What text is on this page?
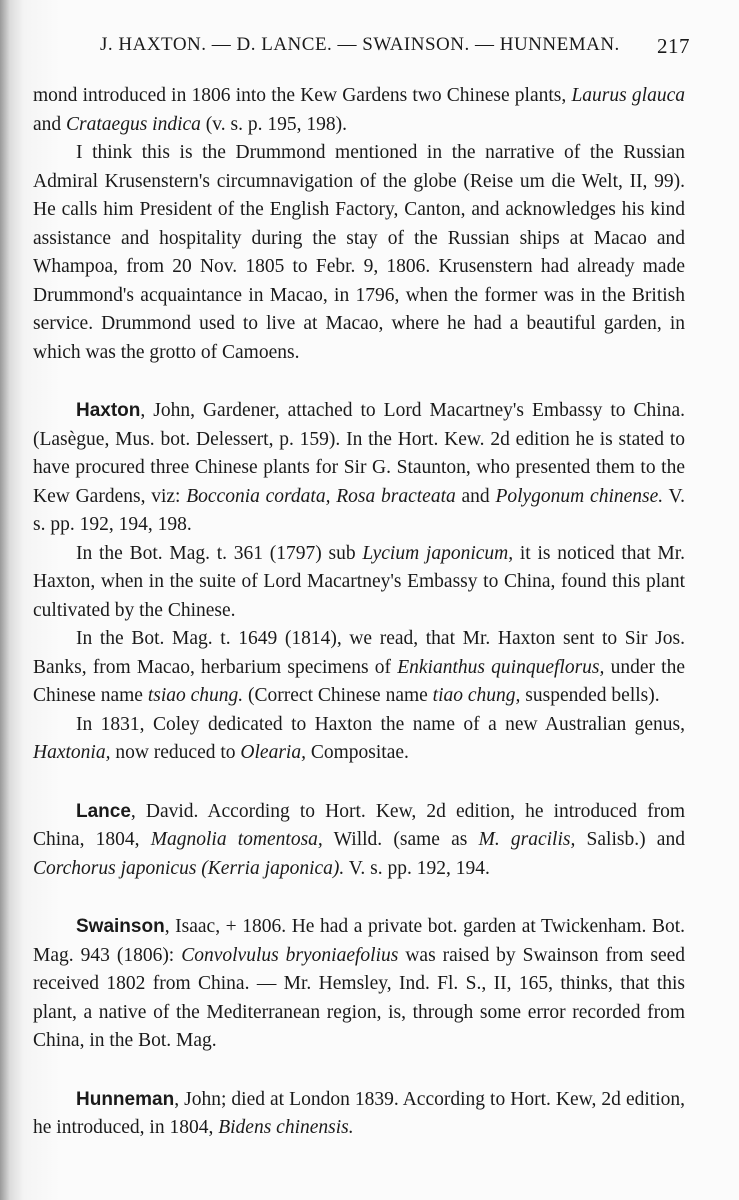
J. HAXTON. — D. LANCE. — SWAINSON. — HUNNEMAN. 217

mond introduced in 1806 into the Kew Gardens two Chinese plants, Laurus glauca and Crataegus indica (v. s. p. 195, 198).

I think this is the Drummond mentioned in the narrative of the Russian Admiral Krusenstern's circumnavigation of the globe (Reise um die Welt, II, 99). He calls him President of the English Factory, Canton, and acknowledges his kind assistance and hospitality during the stay of the Russian ships at Macao and Whampoa, from 20 Nov. 1805 to Febr. 9, 1806. Krusenstern had already made Drummond's acquaintance in Macao, in 1796, when the former was in the British service. Drummond used to live at Macao, where he had a beautiful garden, in which was the grotto of Camoens.

Haxton, John, Gardener, attached to Lord Macartney's Embassy to China. (Lasègue, Mus. bot. Delessert, p. 159). In the Hort. Kew. 2d edition he is stated to have procured three Chinese plants for Sir G. Staunton, who presented them to the Kew Gardens, viz: Bocconia cordata, Rosa bracteata and Polygonum chinense. V. s. pp. 192, 194, 198.

In the Bot. Mag. t. 361 (1797) sub Lycium japonicum, it is noticed that Mr. Haxton, when in the suite of Lord Macartney's Embassy to China, found this plant cultivated by the Chinese.

In the Bot. Mag. t. 1649 (1814), we read, that Mr. Haxton sent to Sir Jos. Banks, from Macao, herbarium specimens of Enkianthus quinqueflorus, under the Chinese name tsiao chung. (Correct Chinese name tiao chung, suspended bells).

In 1831, Coley dedicated to Haxton the name of a new Australian genus, Haxtonia, now reduced to Olearia, Compositae.

Lance, David. According to Hort. Kew, 2d edition, he introduced from China, 1804, Magnolia tomentosa, Willd. (same as M. gracilis, Salisb.) and Corchorus japonicus (Kerria japonica). V. s. pp. 192, 194.

Swainson, Isaac, + 1806. He had a private bot. garden at Twickenham. Bot. Mag. 943 (1806): Convolvulus bryoniaefolius was raised by Swainson from seed received 1802 from China. — Mr. Hemsley, Ind. Fl. S., II, 165, thinks, that this plant, a native of the Mediterranean region, is, through some error recorded from China, in the Bot. Mag.

Hunneman, John; died at London 1839. According to Hort. Kew, 2d edition, he introduced, in 1804, Bidens chinensis.
